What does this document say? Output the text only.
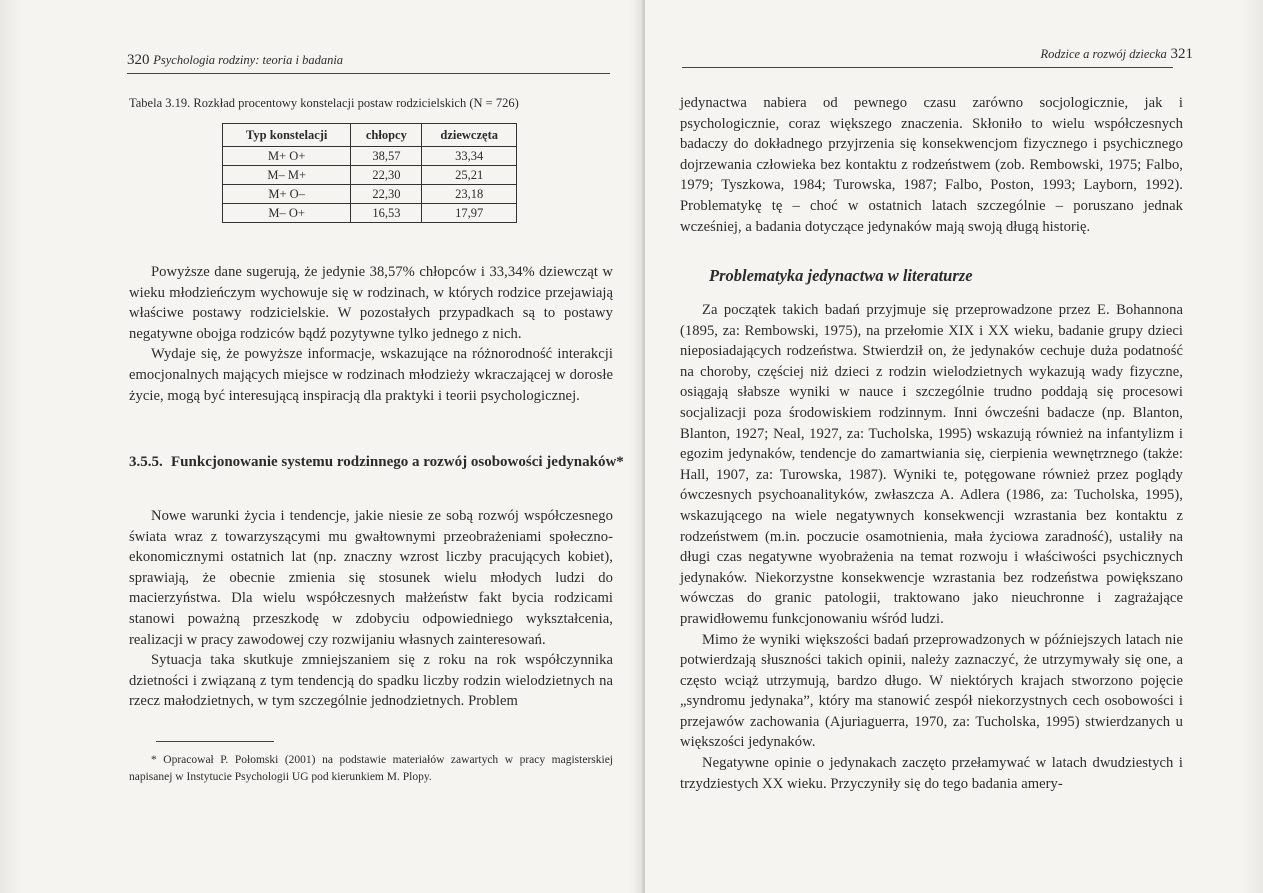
320 Psychologia rodziny: teoria i badania
Tabela 3.19. Rozkład procentowy konstelacji postaw rodzicielskich (N = 726)
Typ konstelacji	chłopcy	dziewczęta
M+ O+	38,57	33,34
M– M+	22,30	25,21
M+ O–	22,30	23,18
M– O+	16,53	17,97

Powyższe dane sugerują, że jedynie 38,57% chłopców i 33,34% dziewcząt w wieku młodzieńczym wychowuje się w rodzinach, w których rodzice przejawiają właściwe postawy rodzicielskie. W pozostałych przypadkach są to postawy negatywne obojga rodziców bądź pozytywne tylko jednego z nich.

Wydaje się, że powyższe informacje, wskazujące na różnorodność interakcji emocjonalnych mających miejsce w rodzinach młodzieży wkraczającej w dorosłe życie, mogą być interesującą inspiracją dla praktyki i teorii psychologicznej.

3.5.5. Funkcjonowanie systemu rodzinnego a rozwój osobowości jedynaków*

Nowe warunki życia i tendencje, jakie niesie ze sobą rozwój współczesnego świata wraz z towarzyszącymi mu gwałtownymi przeobrażeniami społeczno-ekonomicznymi ostatnich lat (np. znaczny wzrost liczby pracujących kobiet), sprawiają, że obecnie zmienia się stosunek wielu młodych ludzi do macierzyństwa. Dla wielu współczesnych małżeństw fakt bycia rodzicami stanowi poważną przeszkodę w zdobyciu odpowiedniego wykształcenia, realizacji w pracy zawodowej czy rozwijaniu własnych zainteresowań.

Sytuacja taka skutkuje zmniejszaniem się z roku na rok współczynnika dzietności i związaną z tym tendencją do spadku liczby rodzin wielodzietnych na rzecz małodzietnych, w tym szczególnie jednodzietnych. Problem

* Opracował P. Połomski (2001) na podstawie materiałów zawartych w pracy magisterskiej napisanej w Instytucie Psychologii UG pod kierunkiem M. Plopy.

Rodzice a rozwój dziecka 321

jedynactwa nabiera od pewnego czasu zarówno socjologicznie, jak i psychologicznie, coraz większego znaczenia. Skłoniło to wielu współczesnych badaczy do dokładnego przyjrzenia się konsekwencjom fizycznego i psychicznego dojrzewania człowieka bez kontaktu z rodzeństwem (zob. Rembowski, 1975; Falbo, 1979; Tyszkowa, 1984; Turowska, 1987; Falbo, Poston, 1993; Layborn, 1992). Problematykę tę – choć w ostatnich latach szczególnie – poruszano jednak wcześniej, a badania dotyczące jedynaków mają swoją długą historię.

Problematyka jedynactwa w literaturze

Za początek takich badań przyjmuje się przeprowadzone przez E. Bohannona (1895, za: Rembowski, 1975), na przełomie XIX i XX wieku, badanie grupy dzieci nieposiadających rodzeństwa. Stwierdził on, że jedynaków cechuje duża podatność na choroby, częściej niż dzieci z rodzin wielodzietnych wykazują wady fizyczne, osiągają słabsze wyniki w nauce i szczególnie trudno poddają się procesowi socjalizacji poza środowiskiem rodzinnym. Inni ówcześni badacze (np. Blanton, Blanton, 1927; Neal, 1927, za: Tucholska, 1995) wskazują również na infantylizm i egozim jedynaków, tendencje do zamartwiania się, cierpienia wewnętrznego (także: Hall, 1907, za: Turowska, 1987). Wyniki te, potęgowane również przez poglądy ówczesnych psychoanalityków, zwłaszcza A. Adlera (1986, za: Tucholska, 1995), wskazującego na wiele negatywnych konsekwencji wzrastania bez kontaktu z rodzeństwem (m.in. poczucie osamotnienia, mała życiowa zaradność), ustaliły na długi czas negatywne wyobrażenia na temat rozwoju i właściwości psychicznych jedynaków. Niekorzystne konsekwencje wzrastania bez rodzeństwa powiększano wówczas do granic patologii, traktowano jako nieuchronne i zagrażające prawidłowemu funkcjonowaniu wśród ludzi.

Mimo że wyniki większości badań przeprowadzonych w późniejszych latach nie potwierdzają słuszności takich opinii, należy zaznaczyć, że utrzymywały się one, a często wciąż utrzymują, bardzo długo. W niektórych krajach stworzono pojęcie „syndromu jedynaka”, który ma stanowić zespół niekorzystnych cech osobowości i przejawów zachowania (Ajuriaguerra, 1970, za: Tucholska, 1995) stwierdzanych u większości jedynaków.

Negatywne opinie o jedynakach zaczęto przełamywać w latach dwudziestych i trzydziestych XX wieku. Przyczyniły się do tego badania amery-
